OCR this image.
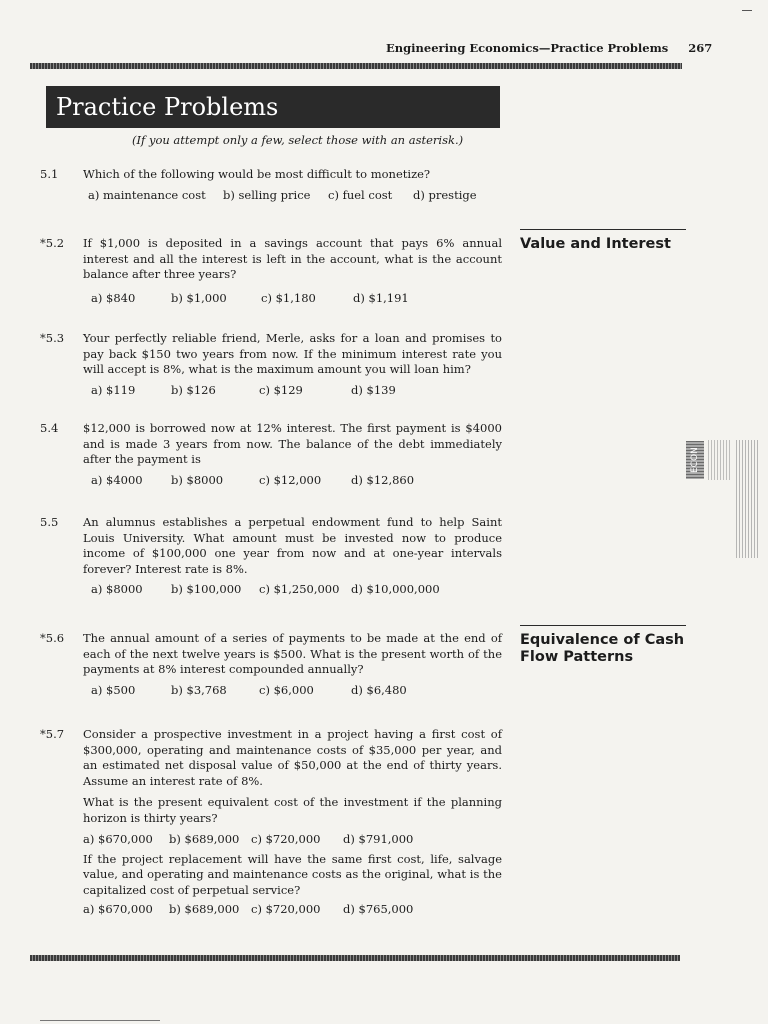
Engineering Economics—Practice Problems 267
Practice Problems
(If you attempt only a few, select those with an asterisk.)
5.1	Which of the following would be most difficult to monetize?

a) maintenance cost	b) selling price	c) fuel cost	d) prestige
Value and Interest
*5.2	If $1,000 is deposited in a savings account that pays 6% annual interest and all the interest is left in the account, what is the account balance after three years?

a) $840	b) $1,000	c) $1,180	d) $1,191
*5.3	Your perfectly reliable friend, Merle, asks for a loan and promises to pay back $150 two years from now. If the minimum interest rate you will accept is 8%, what is the maximum amount you will loan him?

a) $119	b) $126	c) $129	d) $139
5.4	$12,000 is borrowed now at 12% interest. The first payment is $4000 and is made 3 years from now. The balance of the debt immediately after the payment is

a) $4000	b) $8000	c) $12,000	d) $12,860
ECON
5.5	An alumnus establishes a perpetual endowment fund to help Saint Louis University. What amount must be invested now to produce income of $100,000 one year from now and at one-year intervals forever? Interest rate is 8%.

a) $8000	b) $100,000	c) $1,250,000	d) $10,000,000
Equivalence of Cash Flow Patterns
*5.6	The annual amount of a series of payments to be made at the end of each of the next twelve years is $500. What is the present worth of the payments at 8% interest compounded annually?

a) $500	b) $3,768	c) $6,000	d) $6,480
*5.7	Consider a prospective investment in a project having a first cost of $300,000, operating and maintenance costs of $35,000 per year, and an estimated net disposal value of $50,000 at the end of thirty years. Assume an interest rate of 8%.

What is the present equivalent cost of the investment if the planning horizon is thirty years?

a) $670,000	b) $689,000	c) $720,000	d) $791,000

If the project replacement will have the same first cost, life, salvage value, and operating and maintenance costs as the original, what is the capitalized cost of perpetual service?

a) $670,000	b) $689,000	c) $720,000	d) $765,000
